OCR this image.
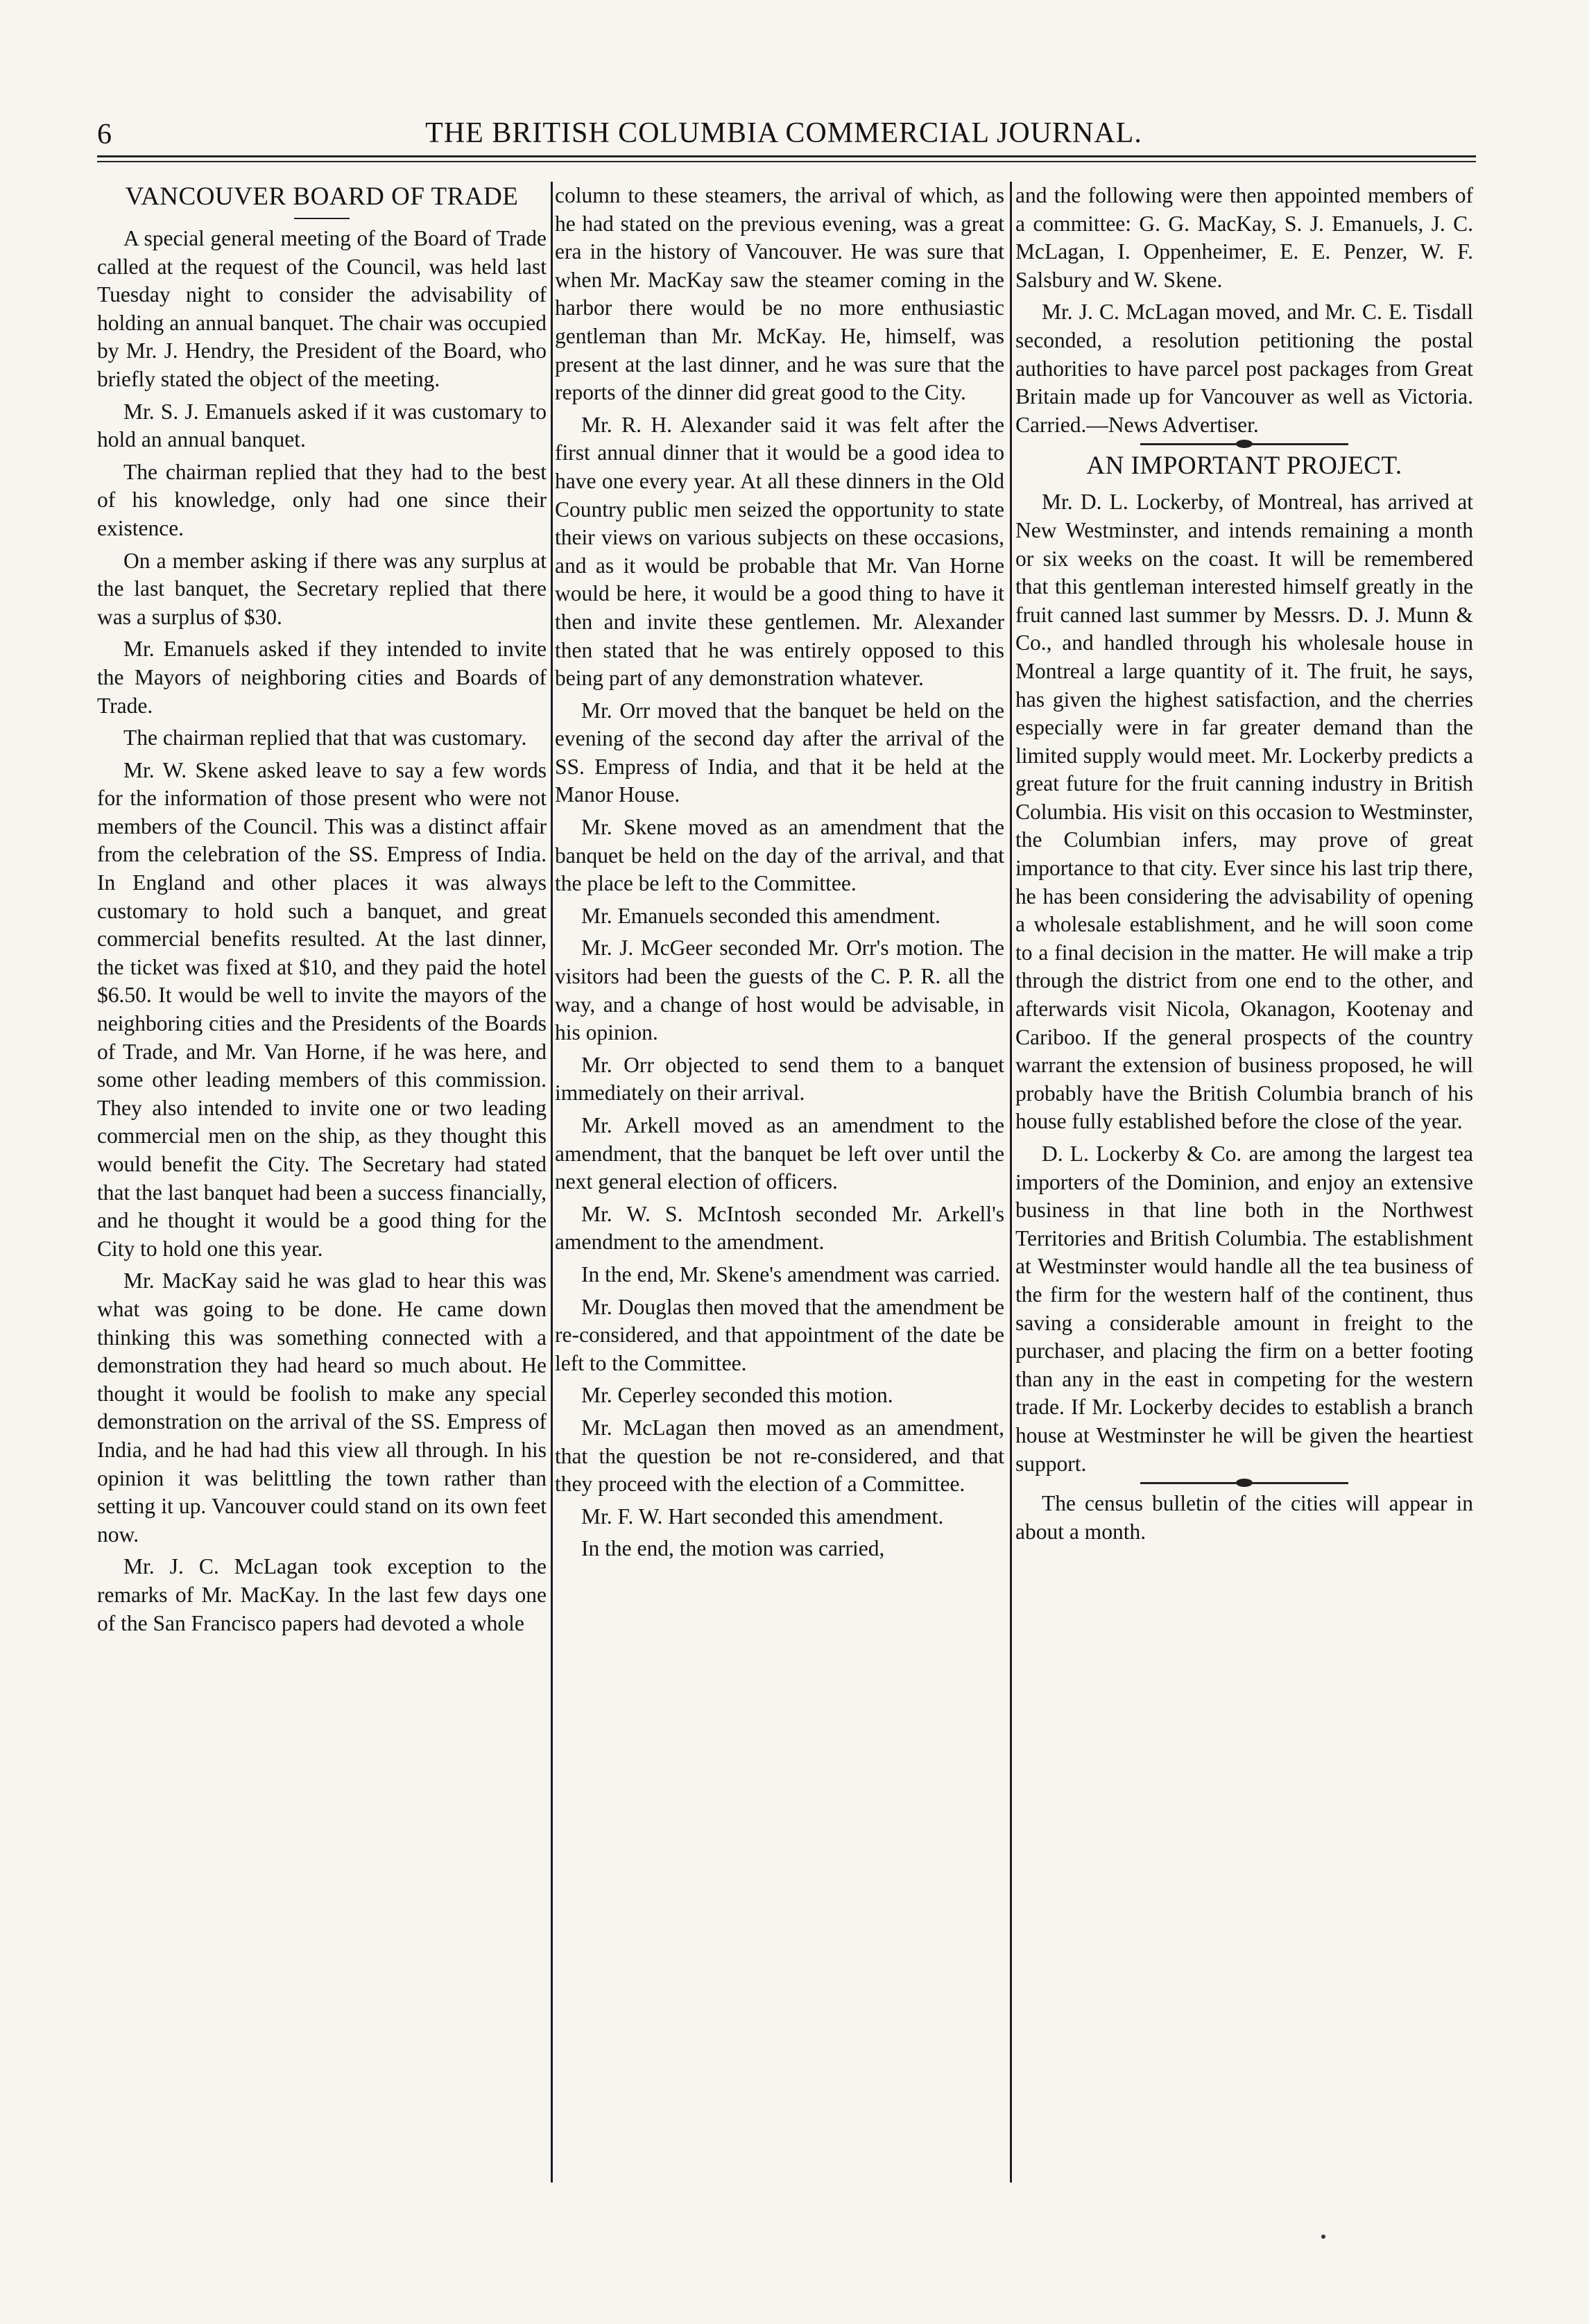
6	THE BRITISH COLUMBIA COMMERCIAL JOURNAL.
VANCOUVER BOARD OF TRADE

A special general meeting of the Board of Trade called at the request of the Council, was held last Tuesday night to consider the advisability of holding an annual banquet. The chair was occupied by Mr. J. Hendry, the President of the Board, who briefly stated the object of the meeting.

Mr. S. J. Emanuels asked if it was customary to hold an annual banquet.

The chairman replied that they had to the best of his knowledge, only had one since their existence.

On a member asking if there was any surplus at the last banquet, the Secretary replied that there was a surplus of $30.

Mr. Emanuels asked if they intended to invite the Mayors of neighboring cities and Boards of Trade.

The chairman replied that that was customary.

Mr. W. Skene asked leave to say a few words for the information of those present who were not members of the Council. This was a distinct affair from the celebration of the SS. Empress of India. In England and other places it was always customary to hold such a banquet, and great commercial benefits resulted. At the last dinner, the ticket was fixed at $10, and they paid the hotel $6.50. It would be well to invite the mayors of the neighboring cities and the Presidents of the Boards of Trade, and Mr. Van Horne, if he was here, and some other leading members of this commission. They also intended to invite one or two leading commercial men on the ship, as they thought this would benefit the City. The Secretary had stated that the last banquet had been a success financially, and he thought it would be a good thing for the City to hold one this year.

Mr. MacKay said he was glad to hear this was what was going to be done. He came down thinking this was something connected with a demonstration they had heard so much about. He thought it would be foolish to make any special demonstration on the arrival of the SS. Empress of India, and he had had this view all through. In his opinion it was belittling the town rather than setting it up. Vancouver could stand on its own feet now.

Mr. J. C. McLagan took exception to the remarks of Mr. MacKay. In the last few days one of the San Francisco papers had devoted a whole

column to these steamers, the arrival of which, as he had stated on the previous evening, was a great era in the history of Vancouver. He was sure that when Mr. MacKay saw the steamer coming in the harbor there would be no more enthusiastic gentleman than Mr. McKay. He, himself, was present at the last dinner, and he was sure that the reports of the dinner did great good to the City.

Mr. R. H. Alexander said it was felt after the first annual dinner that it would be a good idea to have one every year. At all these dinners in the Old Country public men seized the opportunity to state their views on various subjects on these occasions, and as it would be probable that Mr. Van Horne would be here, it would be a good thing to have it then and invite these gentlemen. Mr. Alexander then stated that he was entirely opposed to this being part of any demonstration whatever.

Mr. Orr moved that the banquet be held on the evening of the second day after the arrival of the SS. Empress of India, and that it be held at the Manor House.

Mr. Skene moved as an amendment that the banquet be held on the day of the arrival, and that the place be left to the Committee.

Mr. Emanuels seconded this amendment.

Mr. J. McGeer seconded Mr. Orr's motion. The visitors had been the guests of the C. P. R. all the way, and a change of host would be advisable, in his opinion.

Mr. Orr objected to send them to a banquet immediately on their arrival.

Mr. Arkell moved as an amendment to the amendment, that the banquet be left over until the next general election of officers.

Mr. W. S. McIntosh seconded Mr. Arkell's amendment to the amendment.

In the end, Mr. Skene's amendment was carried.

Mr. Douglas then moved that the amendment be re-considered, and that appointment of the date be left to the Committee.

Mr. Ceperley seconded this motion.

Mr. McLagan then moved as an amendment, that the question be not re-considered, and that they proceed with the election of a Committee.

Mr. F. W. Hart seconded this amendment.

In the end, the motion was carried,

and the following were then appointed members of a committee: G. G. MacKay, S. J. Emanuels, J. C. McLagan, I. Oppenheimer, E. E. Penzer, W. F. Salsbury and W. Skene.

Mr. J. C. McLagan moved, and Mr. C. E. Tisdall seconded, a resolution petitioning the postal authorities to have parcel post packages from Great Britain made up for Vancouver as well as Victoria. Carried.—News Advertiser.

AN IMPORTANT PROJECT.

Mr. D. L. Lockerby, of Montreal, has arrived at New Westminster, and intends remaining a month or six weeks on the coast. It will be remembered that this gentleman interested himself greatly in the fruit canned last summer by Messrs. D. J. Munn & Co., and handled through his wholesale house in Montreal a large quantity of it. The fruit, he says, has given the highest satisfaction, and the cherries especially were in far greater demand than the limited supply would meet. Mr. Lockerby predicts a great future for the fruit canning industry in British Columbia. His visit on this occasion to Westminster, the Columbian infers, may prove of great importance to that city. Ever since his last trip there, he has been considering the advisability of opening a wholesale establishment, and he will soon come to a final decision in the matter. He will make a trip through the district from one end to the other, and afterwards visit Nicola, Okanagon, Kootenay and Cariboo. If the general prospects of the country warrant the extension of business proposed, he will probably have the British Columbia branch of his house fully established before the close of the year.

D. L. Lockerby & Co. are among the largest tea importers of the Dominion, and enjoy an extensive business in that line both in the Northwest Territories and British Columbia. The establishment at Westminster would handle all the tea business of the firm for the western half of the continent, thus saving a considerable amount in freight to the purchaser, and placing the firm on a better footing than any in the east in competing for the western trade. If Mr. Lockerby decides to establish a branch house at Westminster he will be given the heartiest support.

The census bulletin of the cities will appear in about a month.
